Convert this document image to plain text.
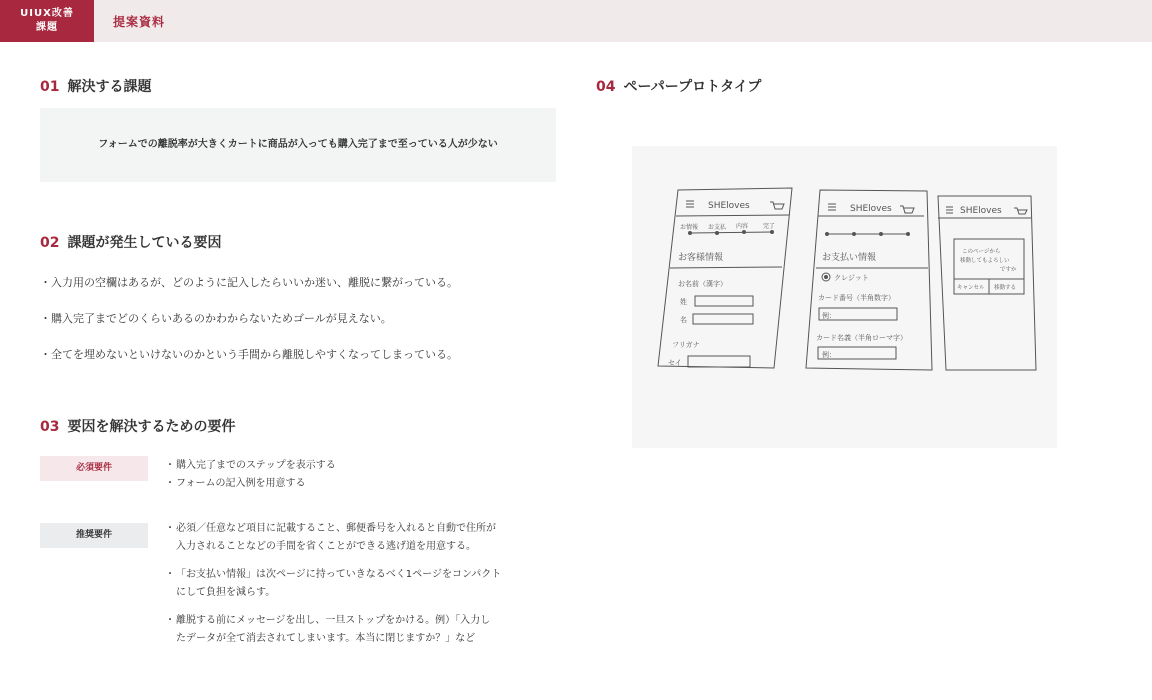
UIUX改善
課題	提案資料
01 解決する課題
フォームでの離脱率が大きくカートに商品が入っても購入完了まで至っている人が少ない
02 課題が発生している要因
・入力用の空欄はあるが、どのように記入したらいいか迷い、離脱に繋がっている。
・購入完了までどのくらいあるのかわからないためゴールが見えない。
・全てを埋めないといけないのかという手間から離脱しやすくなってしまっている。
03 要因を解決するための要件
必須要件	・購入完了までのステップを表示する
・フォームの記入例を用意する
推奨要件
・必須／任意など項目に記載すること、郵便番号を入れると自動で住所が
入力されることなどの手間を省くことができる逃げ道を用意する。
・「お支払い情報」は次ページに持っていきなるべく1ページをコンパクト
にして負担を減らす。
・離脱する前にメッセージを出し、一旦ストップをかける。例）「入力し
たデータが全て消去されてしまいます。本当に閉じますか？」など
04 ペーパープロトタイプ
SHEloves	SHEloves	SHEloves
お情報 お支払 内容 完了
お客様情報	お支払い情報
お名前（漢字）
姓
名
フリガナ
セイ
クレジット
カード番号（半角数字）
例：
カード名義（半角ローマ字）
例：
このページから
移動してもよろしい
ですか
キャンセル 移動する
